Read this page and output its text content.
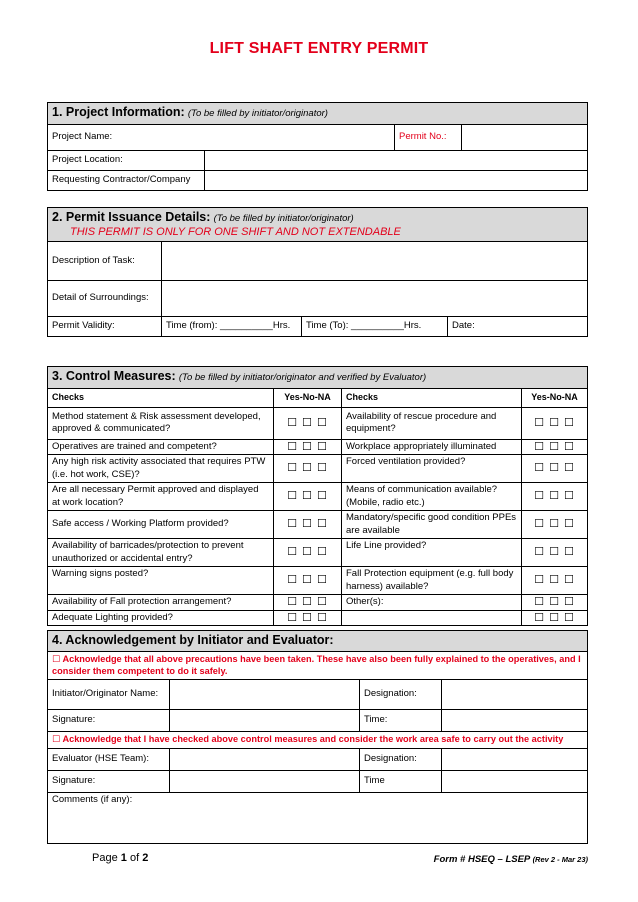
LIFT SHAFT ENTRY PERMIT
1. Project Information: (To be filled by initiator/originator)			
Project Name:		Permit No.:	
Project Location:			
Requesting Contractor/Company			
2. Permit Issuance Details: (To be filled by initiator/originator)
THIS PERMIT IS ONLY FOR ONE SHIFT AND NOT EXTENDABLE			
Description of Task:			
Detail of Surroundings:			
Permit Validity:	Time (from): __________Hrs.	Time (To): __________Hrs.	Date:
3. Control Measures: (To be filled by initiator/originator and verified by Evaluator)			
Checks	Yes-No-NA	Checks	Yes-No-NA
Method statement & Risk assessment developed, approved & communicated?	☐ ☐ ☐	Availability of rescue procedure and equipment?	☐ ☐ ☐
Operatives are trained and competent?	☐ ☐ ☐	Workplace appropriately illuminated	☐ ☐ ☐
Any high risk activity associated that requires PTW (i.e. hot work, CSE)?	☐ ☐ ☐	Forced ventilation provided?	☐ ☐ ☐
Are all necessary Permit approved and displayed at work location?	☐ ☐ ☐	Means of communication available? (Mobile, radio etc.)	☐ ☐ ☐
Safe access / Working Platform provided?	☐ ☐ ☐	Mandatory/specific good condition PPEs are available	☐ ☐ ☐
Availability of barricades/protection to prevent unauthorized or accidental entry?	☐ ☐ ☐	Life Line provided?	☐ ☐ ☐
Warning signs posted?	☐ ☐ ☐	Fall Protection equipment (e.g. full body harness) available?	☐ ☐ ☐
Availability of Fall protection arrangement?	☐ ☐ ☐	Other(s):	☐ ☐ ☐
Adequate Lighting provided?	☐ ☐ ☐		☐ ☐ ☐
4. Acknowledgement by Initiator and Evaluator:			
☐ Acknowledge that all above precautions have been taken. These have also been fully explained to the operatives, and I consider them competent to do it safely.			
Initiator/Originator Name:		Designation:	
Signature:		Time:	
☐ Acknowledge that I have checked above control measures and consider the work area safe to carry out the activity			
Evaluator (HSE Team):		Designation:	
Signature:		Time	
Comments (if any):			
Page 1 of 2	Form # HSEQ – LSEP (Rev 2 - Mar 23)
